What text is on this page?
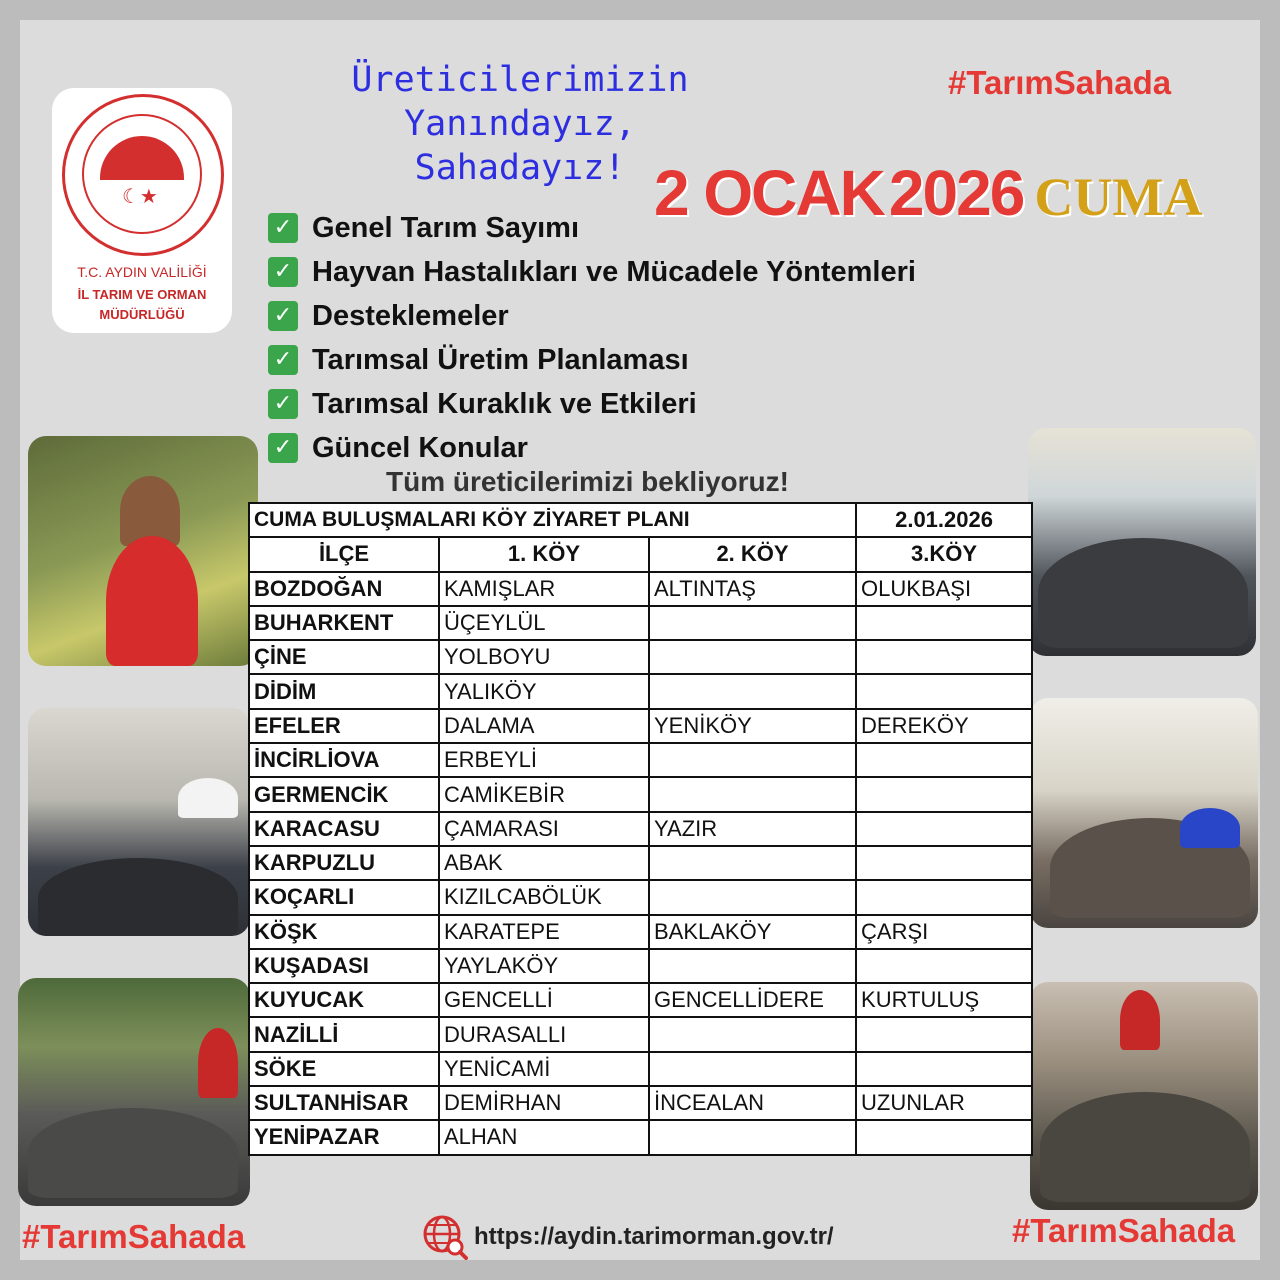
☾★
T.C. AYDIN VALİLİĞİ
İL TARIM VE ORMAN
MÜDÜRLÜĞÜ
Üreticilerimizin
Yanındayız,
Sahadayız!
#TarımSahada
#TarımSahada	#TarımSahada
2 OCAK 2026 CUMA
✓ Genel Tarım Sayımı
✓ Hayvan Hastalıkları ve Mücadele Yöntemleri
✓ Desteklemeler
✓ Tarımsal Üretim Planlaması
✓ Tarımsal Kuraklık ve Etkileri
✓ Güncel Konular
Tüm üreticilerimizi bekliyoruz!
CUMA BULUŞMALARI KÖY ZİYARET PLANI			2.01.2026
İLÇE	1. KÖY	2. KÖY	3.KÖY
BOZDOĞAN	KAMIŞLAR	ALTINTAŞ	OLUKBAŞI
BUHARKENT	ÜÇEYLÜL		
ÇİNE	YOLBOYU		
DİDİM	YALIKÖY		
EFELER	DALAMA	YENİKÖY	DEREKÖY
İNCİRLİOVA	ERBEYLİ		
GERMENCİK	CAMİKEBİR		
KARACASU	ÇAMARASI	YAZIR	
KARPUZLU	ABAK		
KOÇARLI	KIZILCABÖLÜK		
KÖŞK	KARATEPE	BAKLAKÖY	ÇARŞI
KUŞADASI	YAYLAKÖY		
KUYUCAK	GENCELLİ	GENCELLİDERE	KURTULUŞ
NAZİLLİ	DURASALLI		
SÖKE	YENİCAMİ		
SULTANHİSAR	DEMİRHAN	İNCEALAN	UZUNLAR
YENİPAZAR	ALHAN		
https://aydin.tarimorman.gov.tr/
